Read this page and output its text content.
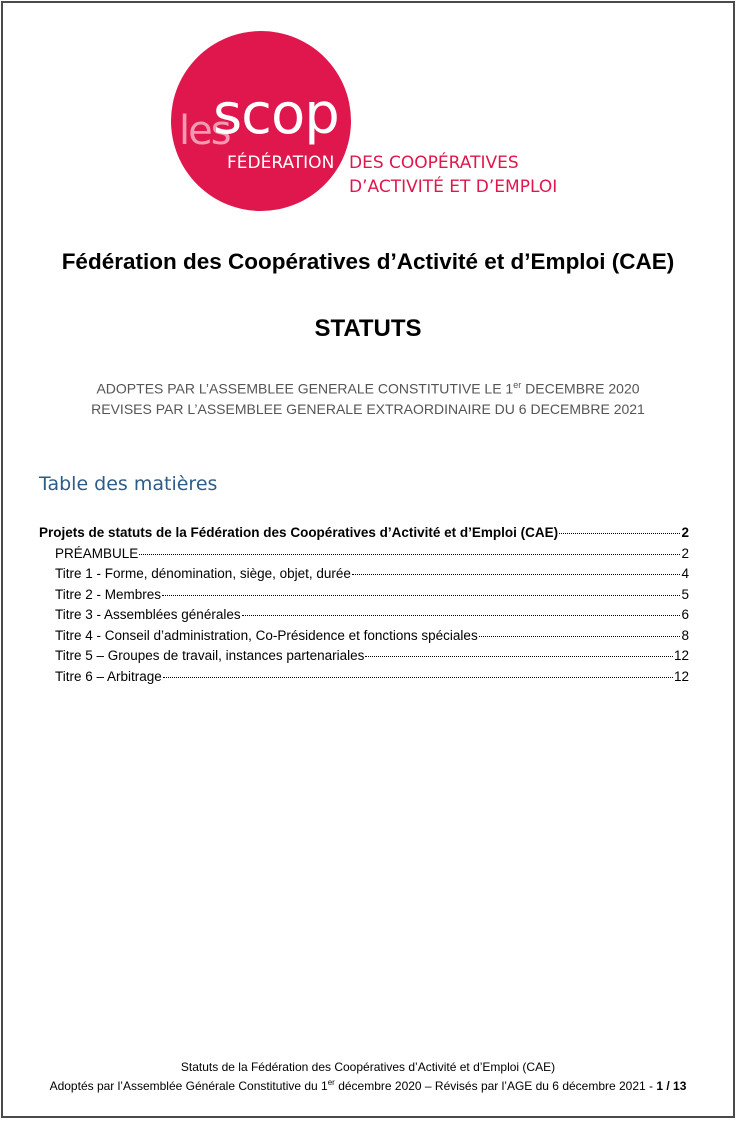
les
scop
FÉDÉRATION DES COOPÉRATIVES
D’ACTIVITÉ ET D’EMPLOI
Fédération des Coopératives d’Activité et d’Emploi (CAE)
STATUTS
ADOPTES PAR L’ASSEMBLEE GENERALE CONSTITUTIVE LE 1er DECEMBRE 2020
REVISES PAR L’ASSEMBLEE GENERALE EXTRAORDINAIRE DU 6 DECEMBRE 2021
Table des matières
Projets de statuts de la Fédération des Coopératives d’Activité et d’Emploi (CAE)	2
PRÉAMBULE	2
Titre 1 - Forme, dénomination, siège, objet, durée	4
Titre 2 - Membres	5
Titre 3 - Assemblées générales	6
Titre 4 - Conseil d’administration, Co-Présidence et fonctions spéciales	8
Titre 5 – Groupes de travail, instances partenariales	12
Titre 6 – Arbitrage	12
Statuts de la Fédération des Coopératives d’Activité et d’Emploi (CAE)
Adoptés par l’Assemblée Générale Constitutive du 1er décembre 2020 – Révisés par l’AGE du 6 décembre 2021 - 1 / 13
